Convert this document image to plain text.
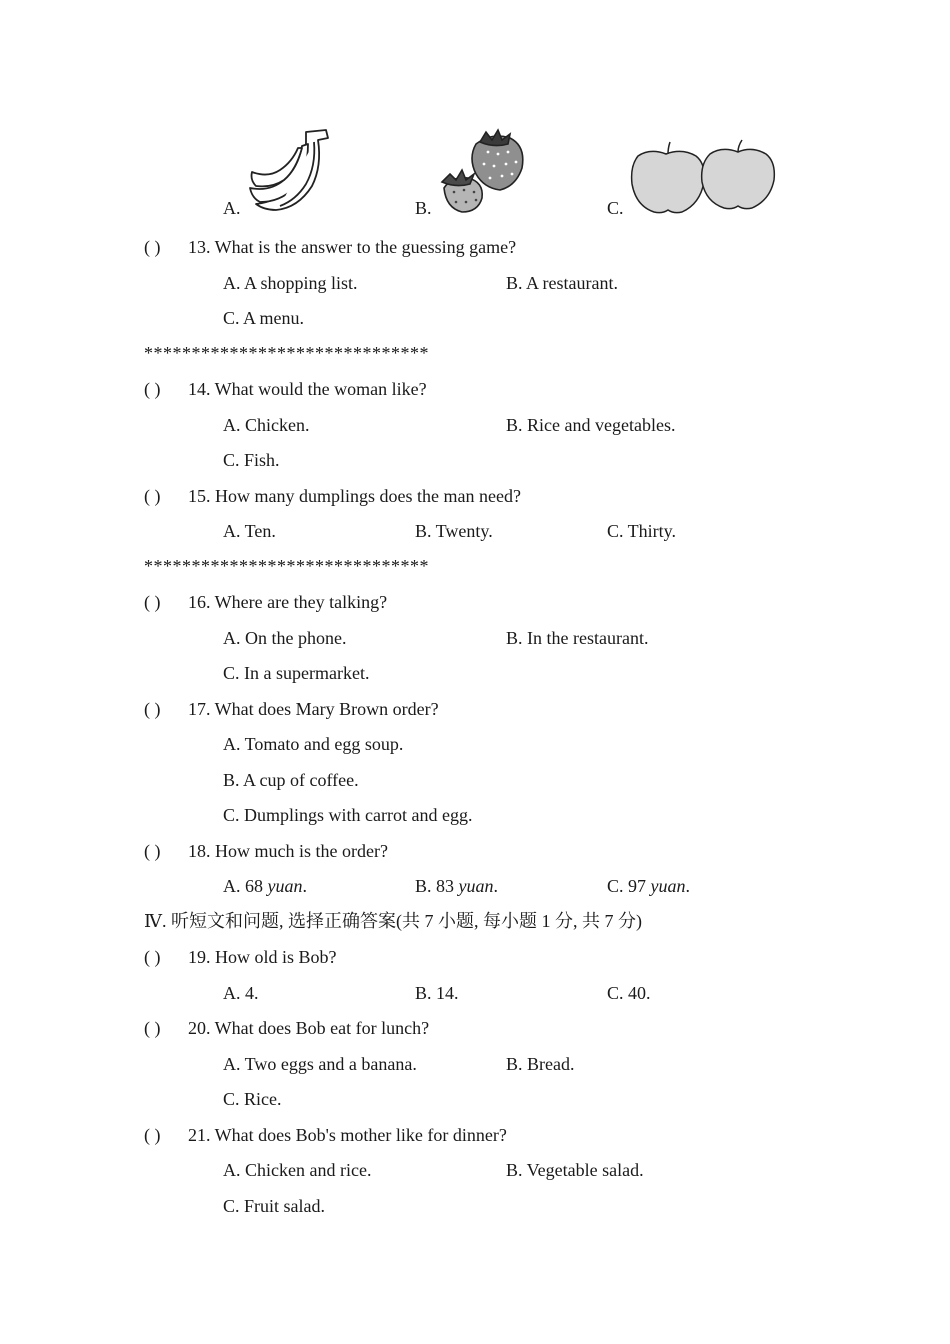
A.	B.	C.
( ) 13. What is the answer to the guessing game?
A. A shopping list.	B. A restaurant.
C. A menu.
******************************
( ) 14. What would the woman like?
A. Chicken.	B. Rice and vegetables.
C. Fish.
( ) 15. How many dumplings does the man need?
A. Ten.	B. Twenty.	C. Thirty.
******************************
( ) 16. Where are they talking?
A. On the phone.	B. In the restaurant.
C. In a supermarket.
( ) 17. What does Mary Brown order?
A. Tomato and egg soup.
B. A cup of coffee.
C. Dumplings with carrot and egg.
( ) 18. How much is the order?
A. 68 yuan.	B. 83 yuan.	C. 97 yuan.
Ⅳ. 听短文和问题, 选择正确答案(共 7 小题, 每小题 1 分, 共 7 分)
( ) 19. How old is Bob?
A. 4.	B. 14.	C. 40.
( ) 20. What does Bob eat for lunch?
A. Two eggs and a banana.	B. Bread.
C. Rice.
( ) 21. What does Bob's mother like for dinner?
A. Chicken and rice.	B. Vegetable salad.
C. Fruit salad.
